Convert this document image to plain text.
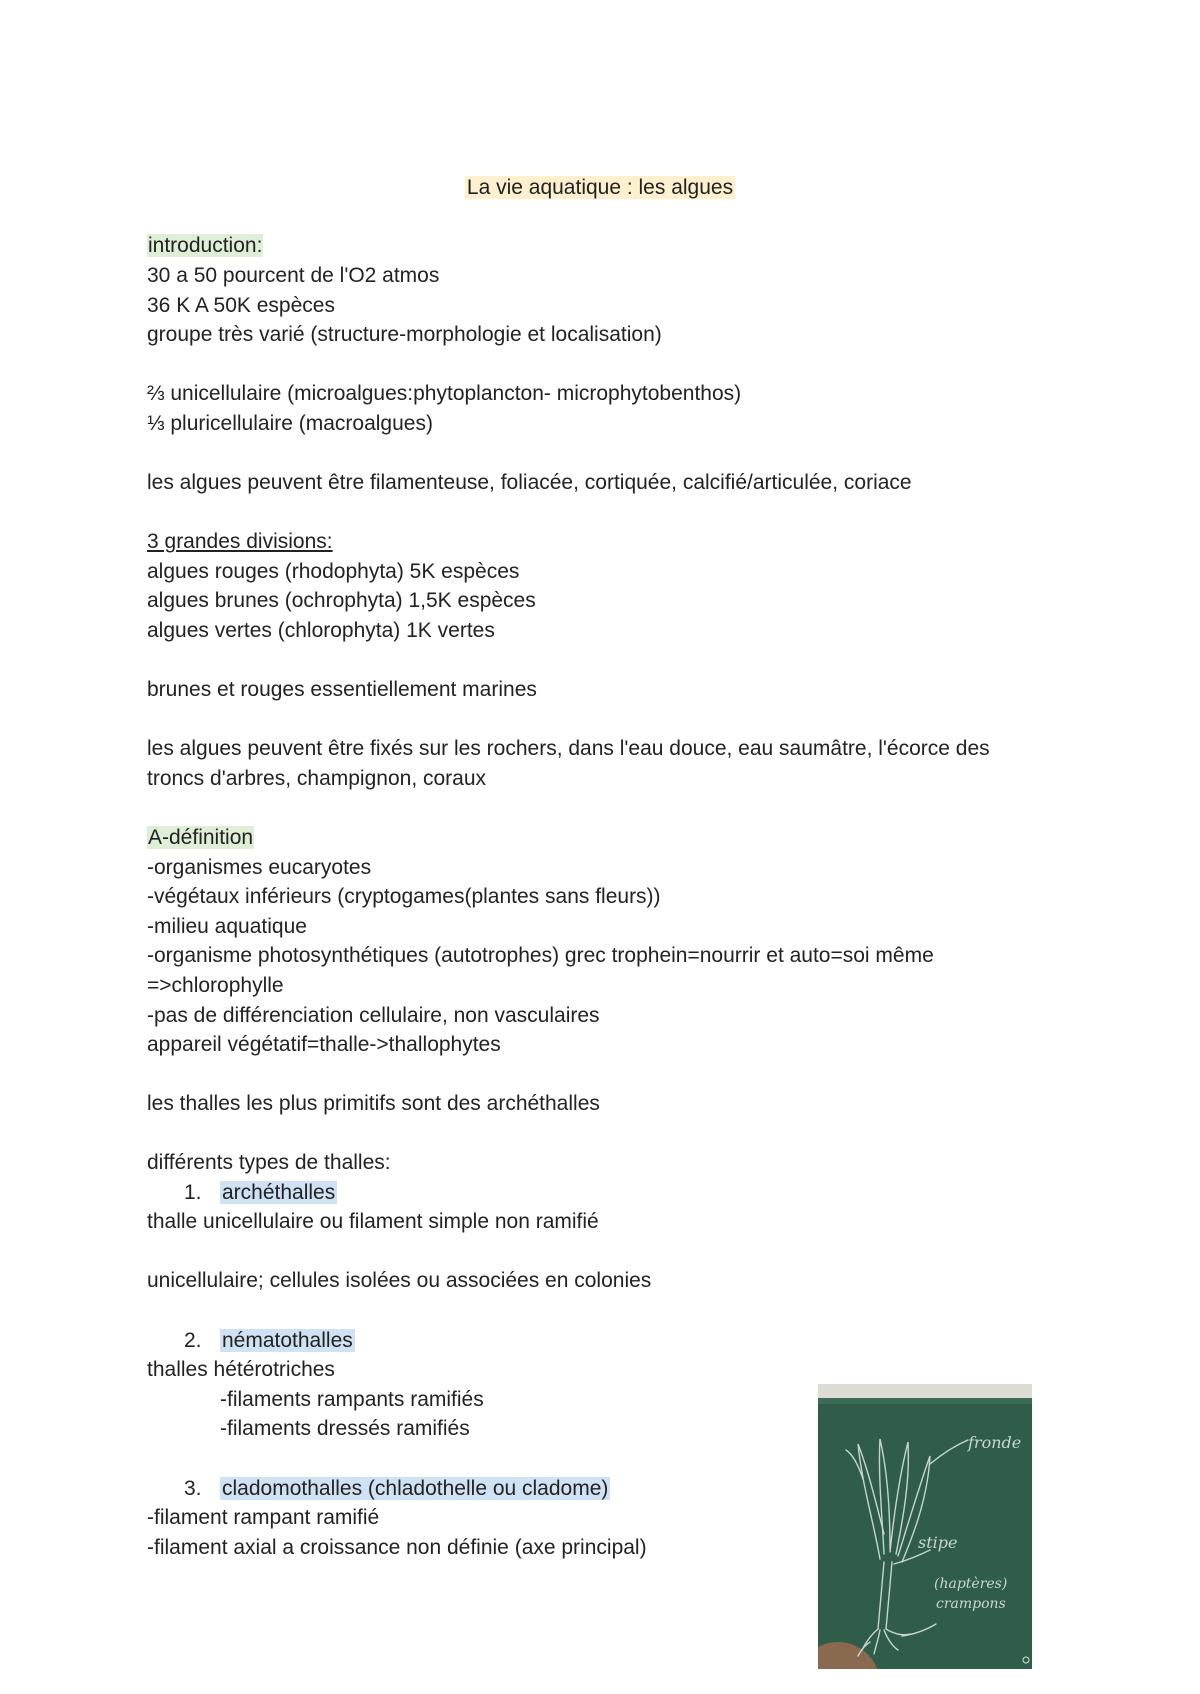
La vie aquatique : les algues
introduction:
30 a 50 pourcent de l'O2 atmos
36 K A 50K espèces
groupe très varié (structure-morphologie et localisation)
⅔ unicellulaire (microalgues:phytoplancton- microphytobenthos)
⅓ pluricellulaire (macroalgues)
les algues peuvent être filamenteuse, foliacée, cortiquée, calcifié/articulée, coriace
3 grandes divisions:
algues rouges (rhodophyta) 5K espèces
algues brunes (ochrophyta) 1,5K espèces
algues vertes (chlorophyta) 1K vertes
brunes et rouges essentiellement marines
les algues peuvent être fixés sur les rochers, dans l'eau douce, eau saumâtre, l'écorce des
troncs d'arbres, champignon, coraux
A-définition
-organismes eucaryotes
-végétaux inférieurs (cryptogames(plantes sans fleurs))
-milieu aquatique
-organisme photosynthétiques (autotrophes) grec trophein=nourrir et auto=soi même
=>chlorophylle
-pas de différenciation cellulaire, non vasculaires
appareil végétatif=thalle->thallophytes
les thalles les plus primitifs sont des archéthalles
différents types de thalles:
1. archéthalles
thalle unicellulaire ou filament simple non ramifié
unicellulaire; cellules isolées ou associées en colonies
2. nématothalles
thalles hétérotriches
-filaments rampants ramifiés
-filaments dressés ramifiés
3. cladomothalles (chladothelle ou cladome)
-filament rampant ramifié
-filament axial a croissance non définie (axe principal)
fronde
stipe
(haptères)
crampons
